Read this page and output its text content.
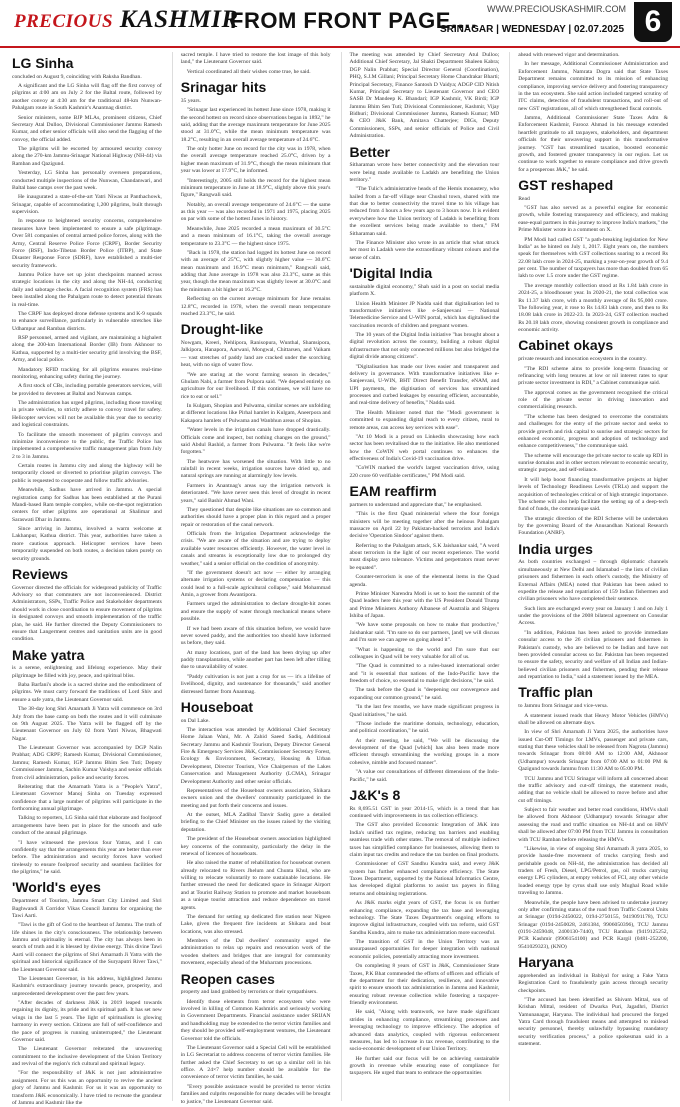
PRECIOUS KASHMIR
FROM FRONT PAGE.... WWW.PRECIOUSKASHMIR.COM
SRINAGAR | WEDNESDAY | 02.07.2025 6
LG Sinha

concluded on August 9, coinciding with Raksha Bandhan.

A significant and the LG Sinha will flag off the first convoy of pilgrims at 4:00 am on July 2 for the Baltal route, followed by another convoy at 4:30 am for the traditional 48-km Nunwan-Pahalgam route in South Kashmir's Anantnag district.

Senior ministers, some BJP MLAs, prominent citizens, Chief Secretary Atal Dulloo, Divisional Commissioner Jammu Ramesh Kumar, and other senior officials will also send the flagging of the convoy, the official added.

The pilgrims will be escorted by armoured security convoy along the 270-km Jammu-Srinagar National Highway (NH-44) via Ramban and Qazigund.

Yesterday, LG Sinha has personally overseen preparations, conducted multiple inspections of the Nunwan, Chandanwari, and Baltal base camps over the past week.

He inaugurated a state-of-the-art Yatri Niwas at Panthachowk, Srinagar, capable of accommodating 1,200 pilgrims, built through supervision.

In response to heightened security concerns, comprehensive measures have been implemented to ensure a safe pilgrimage. Over 581 companies of central armed police forces, along with the Army, Central Reserve Police Force (CRPF), Border Security Force (BSF), Indo-Tibetan Border Police (ITBP), and State Disaster Response Force (SDRF), have established a multi-tier security framework.

Jammu Police have set up joint checkpoints manned across strategic locations in the city and along the NH-44, conducting daily and sabotage checks. A facial recognition system (FRS) has been installed along the Pahalgam route to detect potential threats in real-time.

The CRPF has deployed drone defense systems and K-9 squads to enhance surveillance, particularly in vulnerable stretches like Udhampur and Ramban districts.

RSP personnel, armed and vigilant, are maintaining a highalert along the 200-km International Border (IB) from Akhnoor to Kathua, supported by a multi-tier security grid involving the BSF, Army, and local police.

Mandatory RFID tracking for all pilgrims ensures real-time monitoring, enhancing safety during the journey.

A first stock of CBs, including portable generators services, will be provided to devotees at Baltal and Nunwan camps.

The administration has urged pilgrims, including those traveling in private vehicles, to strictly adhere to convoy travel for safety. Helicopter services will not be available this year due to security and logistical constraints.

To facilitate the smooth movement of pilgrim convoys and minimize inconvenience to the public, the Traffic Police has implemented a comprehensive traffic management plan from July 2 to 3 in Jammu.

Certain routes in Jammu city and along the highway will be temporarily closed or diverted to prioritise pilgrim convoys. The public is requested to cooperate and follow traffic advisories.

Meanwhile, Sadhus have arrived in Jammu. A special registration camp for Sadhus has been established at the Purani Mandi-based Ram temple complex, while on-the-spot registration centers for other pilgrims are operational at Shalimar and Saraswati Dhar in Jammu.

Since arriving in Jammu, involved a warm welcome at Lakhanpur, Kathua district. This year, authorities have taken a more cautious approach. Helicopter services have been temporarily suspended on both routes, a decision taken purely on security grounds.

Reviews

Governor directed the officials for widespread publicity of Traffic Advisory so that commuters are not inconvenienced. District Administrators, SSPs, Traffic Police and Stakeholder departments should work in close coordination to ensure movement of pilgrims in designated convoys and smooth implementation of the traffic plan, he said. He further directed the Deputy Commissioners to ensure that Langerment centres and sanitation units are in good condition.

Make yatra

is a serene, enlightening and lifelong experience. May their pilgrimage be filled with joy, peace, and spiritual bliss.

Baba Barfani's abode is a sacred shrine and the embodiment of pilgrims. We must carry forward the traditions of Lord Shiv and ensure a safe yatra, the Lieutenant Governor said.

The 38-day long Shri Amarnath Ji Yatra will commence on 3rd July from the base camp on both the routes and it will culminate on 9th August 2025. The Yatra will be flagged off by the Lieutenant Governor on July 02 from Yatri Niwas, Bhagwati Nagar.

The Lieutenant Governor was accompanied by DGP Nalin Prabhat; ADG CRPF; Ramesh Kumar, Divisional Commissioner, Jammu; Ramesh Kumar, IGP Jammu Bhim Sen Tuti; Deputy Commissioner Jammu, Sachin Kumar Vaishya and senior officials from civil administration, police and security forces.

Reiterating that the Amarnath Yatra is a "People's Yatra", Lieutenant Governor Manoj Sinha on Tuesday expressed confidence that a large number of pilgrims will participate in the forthcoming annual pilgrimage.

Talking to reporters, LG Sinha said that elaborate and foolproof arrangements have been put in place for the smooth and safe conduct of the annual pilgrimage.

"I have witnessed the previous four Yatras, and I can confidently say that the arrangements this year are better than ever before. The administration and security forces have worked tirelessly to ensure foolproof security and seamless facilities for the pilgrims," he said.

'World's eyes

Department of Tourism, Jammu Smart City Limited and Shri Baghwandi Ji Corridor Vikas Council Jammu for organising the Tawi Aarti.

"Tawi is the gift of God to the heartbeat of Jammu. The truth of life shines in the city's consciousness. The relationship between Jammu and spirituality is eternal. The city has always been in search of truth and it is blessed by divine energy. This divine Tawi Aarti will connect the pilgrims of Shri Amarnath Ji Yatra with the spiritual and historical significance of the Suryaputri River Tawi," the Lieutenant Governor said.

The Lieutenant Governor, in his address, highlighted Jammu Kashmir's extraordinary journey towards peace, prosperity, and unprecedented development over the past few years.

"After decades of darkness J&K in 2019 leaped towards regaining its dignity, its pride and its spiritual path. It has set new wings in the last 5 years. The light of spiritualism is glowing harmony in every section. Citizens are full of self-confidence and the pace of progress is running uninterrupted," the Lieutenant Governor said.

The Lieutenant Governor reiterated the unwavering commitment to the inclusive development of the Union Territory and revival of the region's rich cultural and spiritual legacy.

"For the responsibility of J&K is not just administrative assignment. For us this was an opportunity to revive the ancient glory of Jammu and Kashmir. For us it was an opportunity to transform J&K economically. I have tried to recreate the grandeur of Jammu and Kashmir like the

sacred temple. I have tried to restore the lost image of this holy land," the Lieutenant Governor said.

Vertical coordinated all their wishes come true, he said.

Srinagar hits

35 years.

"Srinagar last experienced its hottest June since 1978, making it the second hottest on record since observations began in 1892," he said, adding that the average maximum temperature for June 2025 stood at 31.0°C, while the mean minimum temperature was 18.2°C, resulting in an overall average temperature of 24.6°C.

The only hotter June on record for the city was in 1978, when the overall average temperature reached 25.0°C, driven by a higher mean maximum of 31.9°C, though the mean minimum that year was lower at 17.9°C, he informed.

"Interestingly, 2005 still holds the record for the highest mean minimum temperature in June at 18.9°C, slightly above this year's figure," Rangwali said.

Notably, an overall average temperature of 24.6°C — the same as this year — was also recorded in 1971 and 1975, placing 2025 on par with some of the hottest Junes in history.

Meanwhile, June 2025 recorded a mean maximum of 30.5°C and a mean minimum of 16.1°C, taking the overall average temperature to 23.3°C — the highest since 1975.

"Back in 1978, the station had logged its hottest June on record with an average of 25°C, with slightly higher value — 30.6°C mean maximum and 16.9°C mean minimum," Rangwali said, adding that June average in 1978 was also 23.3°C, same as this year, though the mean maximum was slightly lower at 30.0°C and the minimum a bit higher at 16.2°C.

Reflecting on the current average minimum for June remains 12.8°C, recorded in 1978, when the overall mean temperature reached 23.3°C, he said.

Drought-like

Nowgam, Kreeri, Nehlipora, Ranisopura, Wunthal, Shamsipora, Jalkipora, Hanapora, Aarwani, Mongwal, Chittarsen, and Vaikam — vast stretches of paddy land are cracked under the scorching heat, with no sign of water flow.

"We are staring at the worst farming season in decades," Ghulam Nabi, a farmer from Pulpora said. "We depend entirely on agriculture for our livelihood. If this continues, we will have no rice to eat or sell."

In Kulgam, Shopian and Pulwama, similar scenes are unfolding at different locations like Pirhal hamlet in Kulgam, Aneerpora and Kakapora hamlets of Pulwama and Wanbhun areas of Shopian.

"Water levels in the irrigation canals have dropped drastically. Officials come and inspect, but nothing changes on the ground," said Abdul Rashid, a farmer from Pulwama. "It feels like we're forgotten."

The heatwave has worsened the situation. With little to no rainfall in recent weeks, irrigation sources have dried up, and natural springs are running at alarmingly low levels.

Farmers in Anantnag's areas say the irrigation network is deteriorated. "We have never seen this level of drought in recent years," said Bashir Ahmad Wani.

They questioned that despite like situations are so common and authorities should have a proper plan in this regard and a proper repair or restoration of the canal network.

Officials from the Irrigation Department acknowledge the crisis. "We are aware of the situation and are trying to deploy available water resources efficiently. However, the water level in canals and streams is exceptionally low due to prolonged dry weather," said a senior official on the condition of anonymity.

"If the government doesn't act now — either by arranging alternate irrigation systems or declaring compensation — this could lead to a full-scale agricultural collapse," said Mohammad Amin, a grower from Awantipora.

Farmers urged the administration to declare drought-hit zones and ensure the supply of water through mechanical means where possible.

If we had been aware of this situation before, we would have never sowed paddy, and the authorities too should have informed us before, they said.

At many locations, part of the land has been drying up after paddy transplantation, while another part has been left after tilling due to unavailability of water.

"Paddy cultivation is not just a crop for us — it's a lifeline of livelihood, dignity, and sustenance for thousands," said another distressed farmer from Anantnag.

Houseboat

on Dal Lake.

The interaction was attended by Additional Chief Secretary Home Jalaan Wani, Mr. A Zahid Saeed Sadiq, Additional Secretary Jammu and Kashmir Tourism, Deputy Director General Fire & Emergency Services J&K, Commissioner Secretary Forest, Ecology & Environment, Secretary, Housing & Urban Development, Director Tourism, Vice Chairperson of the Lakes Conservation and Management Authority (LCMA), Srinagar Development Authority and other senior officials.

Representatives of the Houseboat owners association, Shikara owners union and the dwellers' community participated in the meeting and put forth their concerns and issues.

At the outset, MLA Zadibal Tanvir Sadiq gave a detailed briefing to the Chief Minister on the issues raised by the visiting deputation.

The president of the Houseboat owners association highlighted key concerns of the community, particularly the delay in the renewal of licences of houseboats.

He also raised the matter of rehabilitation for houseboat owners already relocated to Rivers Jhelum and Chunta Khul, who are willing to relocate voluntarily to more sustainable locations. He further stressed the need for dedicated space in Srinagar Airport and at Tourist Railway Station to promote and market houseboats as a unique tourist attraction and reduce dependence on travel agents.

The demand for setting up dedicated fire station near Nigeen Lake, given the frequent fire incidents at Shikara and boat locations, was also stressed.

Members of the Dal dwellers' community urged the administration to relax up repairs and renovation work of the wooden shelters and bridges that are integral for community movement, especially ahead of the Muharram processions.

Reopen cases

property and land grabbed by terrorists or their sympathisers.

Identify those elements from terror ecosystem who were involved in killing of Common Kashmiris and seriously working in Government Departments. Financial assistance under SRIJAN and handholding may be extended to the terror victim families and they should be provided self-employment ventures, the Lieutenant Governor told the officials.

The Lieutenant Governor said a Special Cell will be established in LG Secretariat to address concerns of terror victim families. He further asked the Chief Secretary to set up a similar cell in his office. A 24×7 help number should be available for the convenience of terror victim families, he said.

"Every possible assistance would be provided to terror victim families and culprits responsible for many decades will be brought to justice," the Lieutenant Governor said.

The meeting was attended by Chief Secretary Atul Dulloo; Additional Chief Secretary, Jal Shakti Department Shaleen Kabra; DGP Nalin Prabhat; Special Director General (Coordination), PHQ, S.J.M Gillani; Principal Secretary Home Chandrakar Bharti; Principal Secretary, Finance Santosh D Vaidya; ADGP CID Nitish Kumar, Principal Secretary to Lieutenant Governor and CEO SASB Dr Mandeep K. Bhandari; IGP Kashmir, VK Birdi; IGP Jammu Bhim Sen Tuti; Divisional Commissioner, Kashmir, Vijay Bidhuri; Divisional Commissioner Jammu, Ramesh Kumar; MD & CEO J&K Bank, Amitava Chatterjee; DIGs, Deputy Commissioners, SSPs, and senior officials of Police and Civil Administration.

Better

Sitharaman wrote how better connectivity and the elevation tour were being made available to Ladakh are benefiting the Union territory."

"The Tulic's administrative heads of the Hemis monastery, who hailed from a far-off village near Chushul town, shared with me that due to better connectivity the travel time to his village has reduced from 4 hours a few years ago to 3 hours now. It is evident everywhere how the Union territory of Ladakh is benefiting from the excellent services being made available to them," FM Sitharaman said.

The Finance Minister also wrote in an article that what struck her most in Ladakh were the extraordinary vibrant colours and the sense of calm.

'Digital India

sustainable digital economy," Shah said in a post on social media platform X.

Union Health Minister JP Nadda said that digitalisation led to transformative initiatives like e-Sanjeevani — National Telemedicine Service and U-WIN portal, which has digitalised the vaccination records of children and pregnant women.

The 10 years of the Digital India initiative "has brought about a digital revolution across the country, building a robust digital infrastructure that not only connected millions but also bridged the digital divide among citizens".

"Digitalisation has made our lives easier and transparent and delivery in governance. With transformative initiatives like e-Sanjeevani, U-WIN, BHT Direct Benefit Transfer, eNAM, and UPI payments, the digitisation of services has streamlined processes and curbed leakages by ensuring efficient, accountable, and real-time delivery of benefits," Nadda said.

The Health Minister noted that the "Modi government is committed to expanding digital reach to every citizen, rural to remote areas, can access key services with ease".

"At 10 Modi is a proud on Linkedin showcasing how each sector has been revitalised due to the initiative. He also mentioned how the CoWIN web portal continues to enhances the effectiveness of India's Covid-19 vaccination drive.

"CoWIN marked the world's largest vaccination drive, using 220 crore 60 verifiable certificates," PM Modi said.

EAM reaffirm

partners to understand and appreciate that," he emphasised.

"This is the first Quad ministerial where the four foreign ministers will be meeting together after the heinous Pahalgam massacre on April 22 by Pakistan-backed terrorists and India's decisive 'Operation Sindoor' against them.

Referring to the Pahalgam attack, S.K Jaishankar said, "A word about terrorism in the light of our recent experience. The world must display zero tolerance. Victims and perpetrators must never be equated".

Counter-terrorism is one of the elemental items in the Quad agenda.

Prime Minister Narendra Modi is set to host the summit of the Quad leaders here this year with the US President Donald Trump and Prime Ministers Anthony Albanese of Australia and Shigeru Ishiba of Japan.

"We have some proposals on how to make that productive," Jaishankar said. "I'm sure so do our partners, [and] we will discuss and I'm sure we can agree on going ahead it".

"What is happening to the world and I'm sure that our colleagues in Quad will be very valuable for all of us.

"The Quad is committed to a rules-based international order and "it is essential that nations of the Indo-Pacific have the freedom of choice, so essential to make right decisions," he said.

The task before the Quad is "deepening our convergence and expanding our common ground," he said.

"In the last few months, we have made significant progress in Quad initiatives," he said.

"Those include the maritime domain, technology, education, and political coordination," he said.

At their meeting, he said, "We will be discussing the development of the Quad [which] has also been made more efficient through streamlining the working groups in a more cohesive, nimble and focused manner".

"A value our consultations of different dimensions of the Indo-Pacific," he said.

J&K's 8

Rs 8,695.51 GST in year 2014-15, which is a trend that has continued with improvements in tax collection efficiency.

The GST also provided Economic Integration of J&K into India's unified tax regime, reducing tax barriers and enabling seamless trade with other states. The removal of multiple indirect taxes has simplified compliance for businesses, allowing them to claim input tax credits and reduce the tax burden on final products.

Commissioner of GST Sandhu Kundra said, and every J&K system has further enhanced compliance efficiency. The State Taxes Department, supported by the National Informatics Centre, has developed digital platforms to assist tax payers in filing returns and obtaining registrations.

As J&K marks eight years of GST, the focus is on further enhancing compliance, expanding the tax base and leveraging technology. The State Taxes Department's ongoing efforts to improve digital infrastructure, coupled with tax reform, said GST Sandhu Kundra, aim to make tax administration more successful.

The transition of GST in the Union Territory was an unsurpassed opportunities for deeper integration with national economic policies, potentially attracting more investment.

On completing 8 years of GST in J&K, Commissioner State Taxes, P.K Bhat commended the efforts of officers and officials of the department for their dedication, resilience, and innovative spirit to ensure smooth tax administration in Jammu and Kashmir, ensuring robust revenue collection while fostering a taxpayer-friendly environment.

He said, "Along with teamwork, we have made significant strides in enhancing compliance, streamlining processes and leveraging technology to improve efficiency. The adoption of advanced data analytics, coupled with rigorous enforcement measures, has led to increase in tax revenue, contributing to the socio-economic development of our Union Territory.

He further said our focus will be on achieving sustainable growth in revenue while ensuring ease of compliance for taxpayers. He urged that team to embrace the opportunities

ahead with renewed vigor and determination.

In her message, Additional Commissioner Administration and Enforcement Jammu, Namrata Dogra said that State Taxes Department remains committed to its mission of enhancing compliance, improving service delivery and fostering transparency in the tax ecosystem. She said action included targeted scrutiny of ITC claims, detection of fraudulent transactions, and roll-out of new GST registrations, all of which strengthened fiscal controls.

Jammu, Additional Commissioner State Taxes Adm & Enforcement Kashmir, Farooz Ahmad in his message extended heartfelt gratitude to all taxpayers, stakeholders, and department officials for their unwavering support in this transformative journey. "GST has streamlined taxation, boosted economic growth, and fostered greater transparency in our region. Let us continue to work together to ensure compliance and drive growth for a prosperous J&K," he said.

GST reshaped

Read

"GST has also served as a powerful engine for economic growth, while fostering transparency and efficiency, and making ease-equal partners in this journey to improve India's markets," the Prime Minister wrote in a comment on X.

PM Modi had called GST "a path-breaking legislation for New India" as he hinted on July 1, 2017. Eight years on, the numbers speak for themselves with GST collections soaring to a record Rs 22.08 lakh crore in 2024-25, marking a year-on-year growth of 9.4 per cent. The number of taxpayers has more than doubled from 65 lakh to over 1.5 crore under the GST regime.

The average monthly collection stood at Rs 1.84 lakh crore in 2024-25, a bloodhouser year. In 2020-21, the total collection was Rs 11.37 lakh crore, with a monthly average of Rs 95,000 crore. The following year, it rose to Rs 14.83 lakh crore, and then to Rs 18.08 lakh crore in 2022-23. In 2023-24, GST collection reached Rs 20.18 lakh crore, showing consistent growth in compliance and economic activity.

Cabinet okays

private research and innovation ecosystem in the country.

"The RDI scheme aims to provide long-term financing or refinancing with long tenures at low or nil interest rates to spur private sector investment in RDI," a Cabinet communique said.

The approval comes as the government recognised the critical role of the private sector in driving innovation and commercialising research.

"The scheme has been designed to overcome the constraints and challenges for the entry of the private sector and seeks to provide growth and risk capital to sunrise and strategic sectors for enhanced economic, progress and adoption of technology and enhance competitiveness," the communique said.

The scheme will encourage the private sector to scale up RDI in sunrise domains and in other sectors relevant to economic security, strategic purpose, and self-reliance.

It will help boost financing transformative projects at higher levels of Technology Readiness Levels (TRLs) and support the acquisition of technologies critical or of high strategic importance. The scheme will also help facilitate the setting up of a deep-tech fund of funds, the communique said.

The strategic direction of the RDI Scheme will be undertaken by the governing Board of the Anusandhan National Research Foundation (ANRF).

India urges

As both countries exchanged – through diplomatic channels simultaneously at New Delhi and Islamabad – the lists of civilian prisoners and fishermen in each other's custody, the Ministry of External Affairs (MEA) noted that Pakistan has been asked to expedite the release and repatriation of 159 Indian fishermen and civilian prisoners who have completed their sentence.

Such lists are exchanged every year on January 1 and on July 1 under the provisions of the 2008 bilateral agreement on Consular Access.

"In addition, Pakistan has been asked to provide immediate consular access to the 26 civilian prisoners and fishermen in Pakistan's custody, who are believed to be Indian and have not been provided consular access so far. Pakistan has been requested to ensure the safety, security and welfare of all Indian and Indian-believed civilian prisoners and fishermen, pending their release and repatriation to India," said a statement issued by the MEA.

Traffic plan

to Jammu from Srinagar and vice-versa.

A statement issued reads that Heavy Motor Vehicles (HMVs) shall be allowed on alternate days.

In view of Shri Amarnath Ji Yatra 2025, the authorities have issued Cut-Off Timings for LMVs, passenger and private cars, stating that these vehicles shall be released from Nagrota (Jammu) towards Srinagar from 08:00 AM to 12:00 AM, Akhnoor (Udhampur) towards Srinagar from 07:00 AM to 01:00 PM & Qazigund towards Jammu from 11:30 AM to 05:00 PM.

TCU Jammu and TCU Srinagar will inform all concerned about the traffic advisory and cut-off timings, the statement reads, adding that no vehicle shall be allowed to move before and after cut off timings.

Subject to fair weather and better road conditions, HMVs shall be allowed from Akhnoor (Udhampur) towards Srinagar after assessing the road and traffic situation on NH-44 and on HMV shall be allowed after 07:00 PM from TCU Jammu in consultation with TCU Ramban before releasing the HMVs.

"Likewise, in view of ongoing Shri Amarnath Ji yatra 2025, to provide hassle-free movement of trucks carrying fresh and perishable goods on NH-44, the administration has decided all traders of Fresh, Diesel, LPG/Petrol, gas, oil trucks carrying energy LPG cylinders, at empty vehicles of FCI, any other vehicle loaded energy type by cyrus shall use only Mughal Road while traveling to Jammu.

Meanwhile, the people have been advised to undertake journey only after confirming status of the road from Traffic Control Units at Srinagar (0194-2450022, 0194-2750155, 9419091178), TCU Srinagar (0194-2450028, 2461384, 9906050396), TCU Jammu (0191-2459048, 2400130-7440), TCU Ramban (9419125252, PCR Kashmir (9906154100) and PCR Kargil (0481-252200, 9541029323), (KNO)

Haryana

apprehended an individual in Babiyal for using a Fake Yatra Registration Card to fraudulently gain access through security checkpoints.

"The accused has been identified as Shivam Mittal, son of Krishan Mittal, resident of Dwarka Puri, Jagadhri, District Yamunanagar, Haryana. The individual had procured the forged Yatra Card through fraudulent means and attempted to mislead security personnel, thereby unlawfully bypassing mandatory security verification process," a police spokesman said in a statement.
